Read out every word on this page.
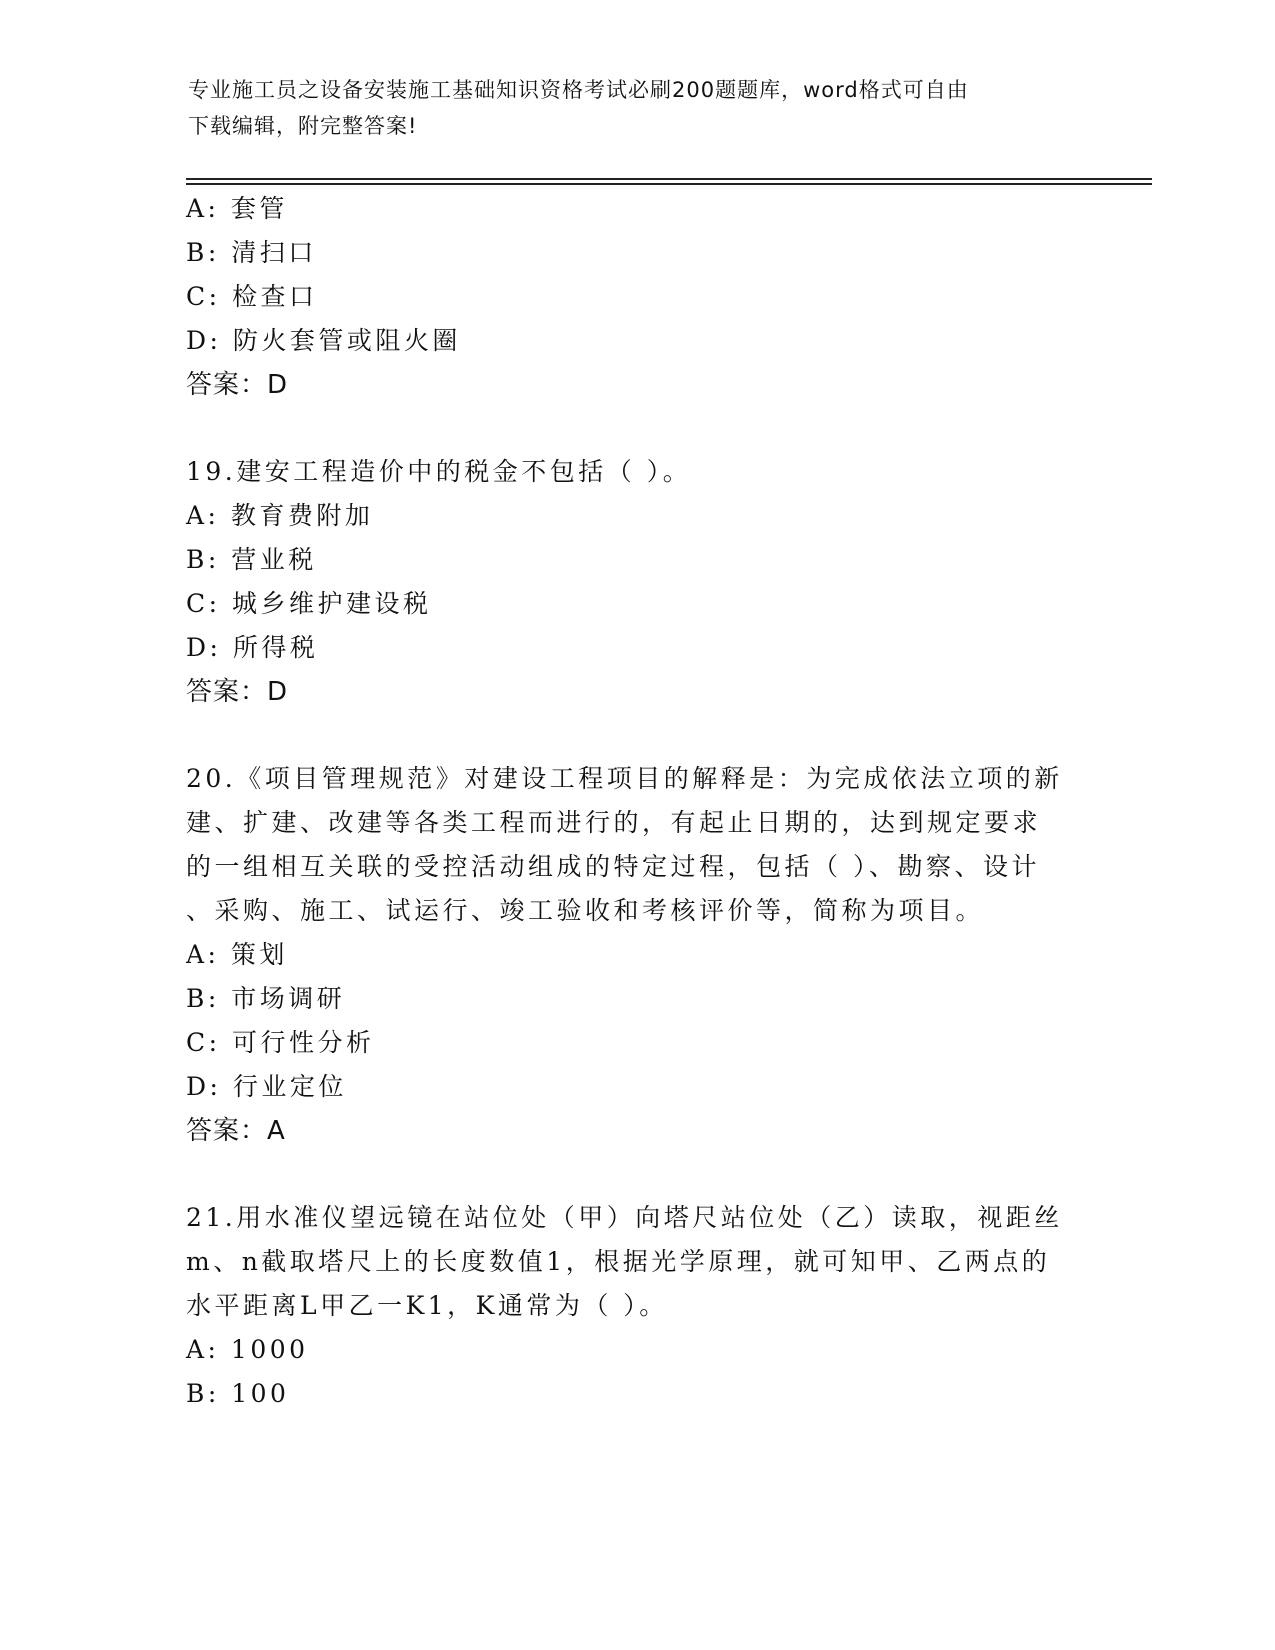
专业施工员之设备安装施工基础知识资格考试必刷200题题库，word格式可自由
下载编辑，附完整答案!
A: 套管
B: 清扫口
C: 检查口
D: 防火套管或阻火圈
答案：D
19.建安工程造价中的税金不包括（ ）。
A: 教育费附加
B: 营业税
C: 城乡维护建设税
D: 所得税
答案：D
20.《项目管理规范》对建设工程项目的解释是：为完成依法立项的新
建、扩建、改建等各类工程而进行的，有起止日期的，达到规定要求
的一组相互关联的受控活动组成的特定过程，包括（ ）、勘察、设计
、采购、施工、试运行、竣工验收和考核评价等，简称为项目。
A: 策划
B: 市场调研
C: 可行性分析
D: 行业定位
答案：A
21.用水准仪望远镜在站位处（甲）向塔尺站位处（乙）读取，视距丝
m、n截取塔尺上的长度数值1，根据光学原理，就可知甲、乙两点的
水平距离L甲乙一K1，K通常为（ ）。
A: 1000
B: 100
